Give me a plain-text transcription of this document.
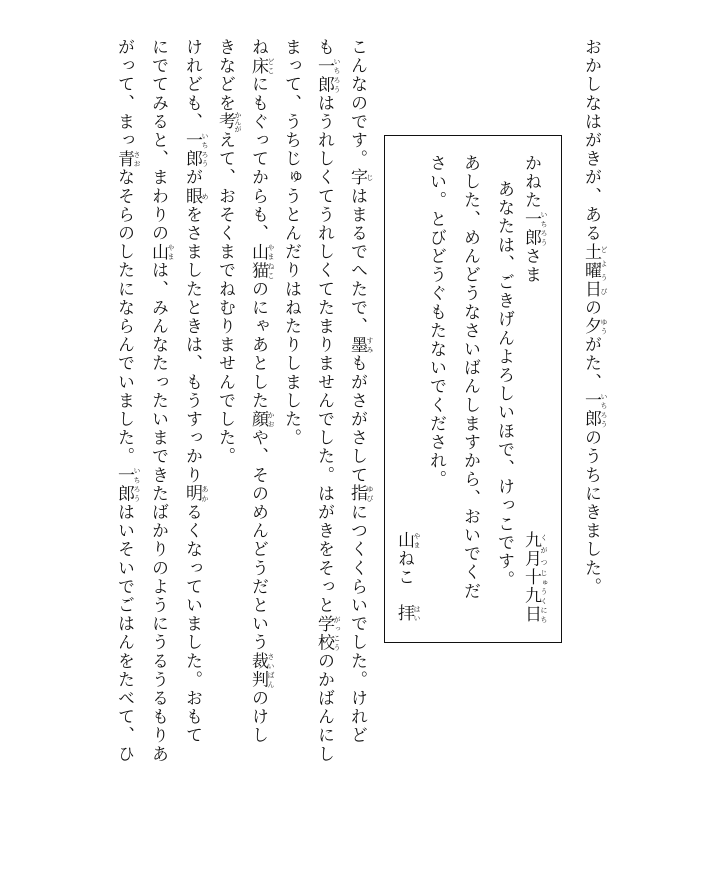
おかしなはがきが、ある土曜日 どようびの夕 ゆうがた、一郎 いちろうのうちにきました。
かねた一郎 いちろうさま
九月 くがつ十九日 じゅうくにち
あなたは、ごきげんよろしいほで、けっこです。
あした、めんどうなさいばんしますから、おいでくだ
さい。とびどうぐもたないでくだされ。
山 やまねこ
拝 はい
こんなのです。字 じはまるでへたで、墨 すみもがさがさして指 ゆびにつくくらいでした。けれど
も一郎 いちろうはうれしくてうれしくてたまりませんでした。はがきをそっと学校 がっこうのかばんにし
まって、うちじゅうとんだりはねたりしました。
ね床 どこにもぐってからも、山猫 やまねこのにゃあとした顔 かおや、そのめんどうだという裁判 さいばんのけし
きなどを考 かんがえて、おそくまでねむりませんでした。
けれども、一郎 いちろうが眼 めをさましたときは、もうすっかり明 あかるくなっていました。おもて
にでてみると、まわりの山 やまは、みんなたったいまできたばかりのようにうるうるもりあ
がって、まっ青 さおなそらのしたにならんでいました。一郎 いちろうはいそいでごはんをたべて、ひ
